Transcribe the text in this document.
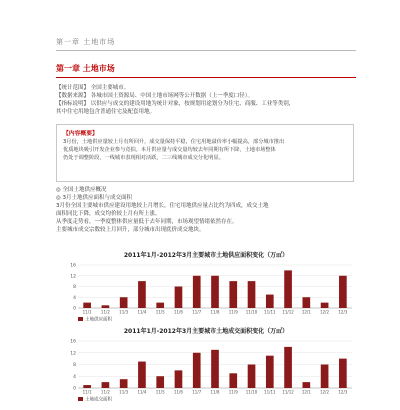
第一章 土地市场
第一章 土地市场
【统计范围】 全国主要城市。
【数据来源】 各城市国土资源局、中国土地市场网等公开数据（上一季度口径）。
【指标说明】 以供应与成交的建设用地为统计对象，按规划用途划分为住宅、商服、工业等类别，
其中住宅用地包含普通住宅及配套用地。
【内容概要】
3月份，土地供应量较上月有所回升，成交量保持平稳，住宅用地溢价率小幅提高，部分城市推出
优质地块吸引开发企业参与竞拍。本月供应量与成交量均较去年同期有所下降，土地市场整体
仍处于调整阶段，一线城市表现相对活跃，二三线城市成交分化明显。
◎ 全国土地供应概况
◎ 3月土地供应面积与成交面积
3月份全国主要城市供应建设用地较上月增长，住宅用地供应量占比约为四成，成交土地
面积同比下降，成交均价较上月有所上涨。
从季度走势看，一季度整体供应量低于去年同期，市场观望情绪依然存在。
主要城市成交宗数较上月回升，部分城市出现底价成交地块。
2011年1月-2012年3月主要城市土地供应面积变化（万㎡）
0
4
8
12
16
11/1 11/2 11/3 11/4 11/5 11/6 11/7 11/8 11/9 11/10 11/11 11/12 12/1 12/2 12/3
土地供应面积
2011年1月-2012年3月主要城市土地成交面积变化（万㎡）
0
4
8
12
16
11/1 11/2 11/3 11/4 11/5 11/6 11/7 11/8 11/9 11/10 11/11 11/12 12/1 12/2 12/3
土地成交面积
